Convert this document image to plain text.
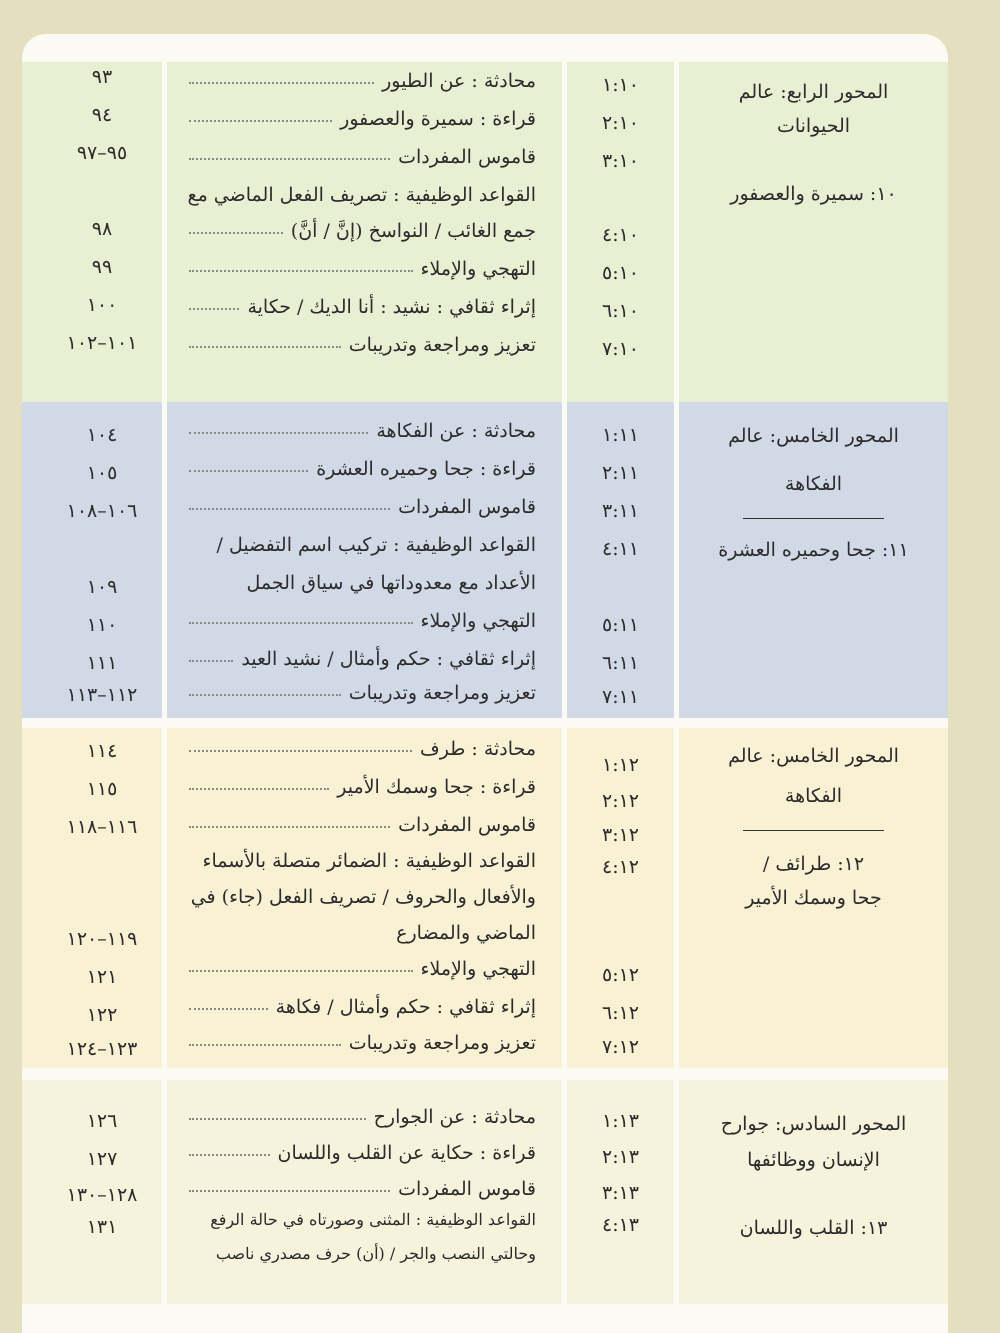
٩٣
٩٤
٩٥–٩٧
٩٨
٩٩
١٠٠
١٠١–١٠٢
محادثة : عن الطيور
قراءة : سميرة والعصفور
قاموس المفردات
القواعد الوظيفية : تصريف الفعل الماضي مع
جمع الغائب / النواسخ (إنَّ / أنَّ)
التهجي والإملاء
إثراء ثقافي : نشيد : أنا الديك / حكاية
تعزيز ومراجعة وتدريبات
١:١٠
٢:١٠
٣:١٠
٤:١٠
٥:١٠
٦:١٠
٧:١٠
المحور الرابع: عالم
الحيوانات
١٠: سميرة والعصفور
١٠٤
١٠٥
١٠٦–١٠٨
١٠٩
١١٠
١١١
١١٢–١١٣
محادثة : عن الفكاهة
قراءة : جحا وحميره العشرة
قاموس المفردات
القواعد الوظيفية : تركيب اسم التفضيل /
الأعداد مع معدوداتها في سياق الجمل
التهجي والإملاء
إثراء ثقافي : حكم وأمثال / نشيد العيد
تعزيز ومراجعة وتدريبات
١:١١
٢:١١
٣:١١
٤:١١
٥:١١
٦:١١
٧:١١
المحور الخامس: عالم
الفكاهة
١١: جحا وحميره العشرة
١١٤
١١٥
١١٦–١١٨
١١٩–١٢٠
١٢١
١٢٢
١٢٣–١٢٤
محادثة : طرف
قراءة : جحا وسمك الأمير
قاموس المفردات
القواعد الوظيفية : الضمائر متصلة بالأسماء
والأفعال والحروف / تصريف الفعل (جاء) في
الماضي والمضارع
التهجي والإملاء
إثراء ثقافي : حكم وأمثال / فكاهة
تعزيز ومراجعة وتدريبات
١:١٢
٢:١٢
٣:١٢
٤:١٢
٥:١٢
٦:١٢
٧:١٢
المحور الخامس: عالم
الفكاهة
١٢: طرائف /
جحا وسمك الأمير
١٢٦
١٢٧
١٢٨–١٣٠
١٣١
محادثة : عن الجوارح
قراءة : حكاية عن القلب واللسان
قاموس المفردات
القواعد الوظيفية : المثنى وصورتاه في حالة الرفع
وحالتي النصب والجر / (أن) حرف مصدري ناصب
١:١٣
٢:١٣
٣:١٣
٤:١٣
المحور السادس: جوارح
الإنسان ووظائفها
١٣: القلب واللسان
